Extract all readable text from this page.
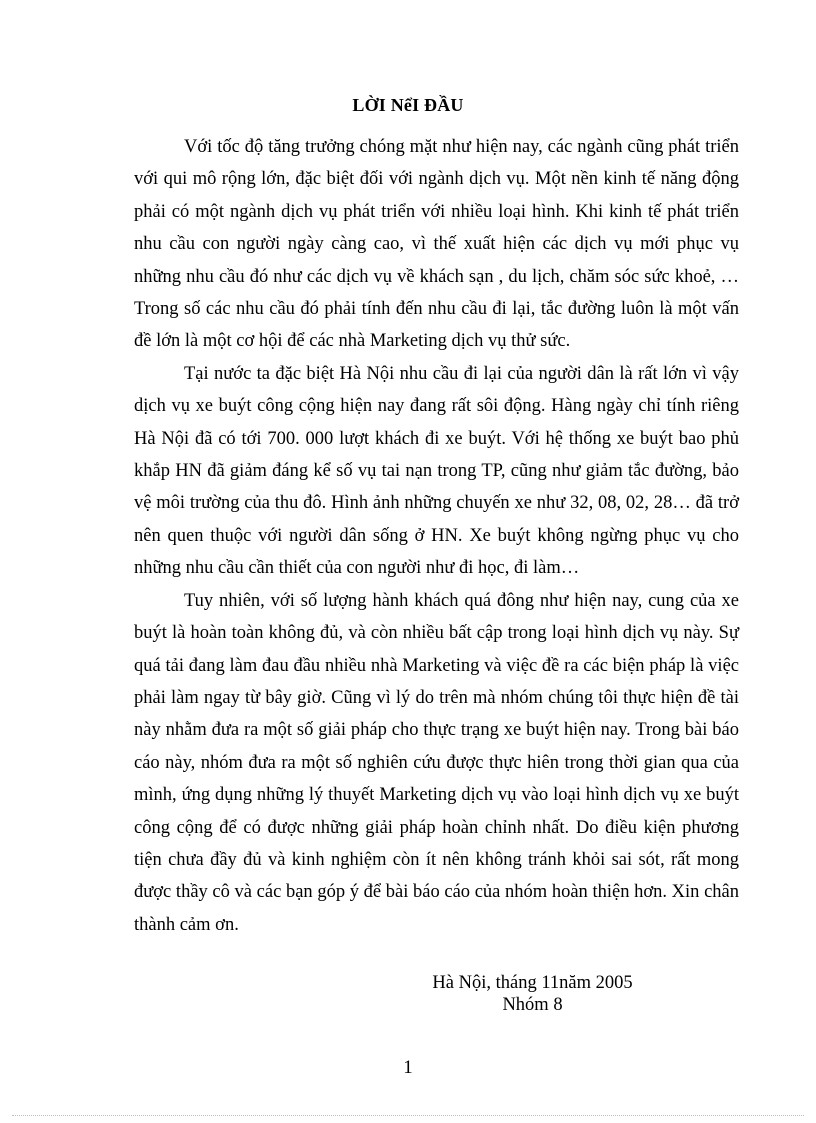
LỜI NểI ĐẦU

Với tốc độ tăng trưởng chóng mặt như hiện nay, các ngành cũng phát triển với qui mô rộng lớn, đặc biệt đối với ngành dịch vụ. Một nền kinh tế năng động phải có một ngành dịch vụ phát triển với nhiều loại hình. Khi kinh tế phát triển nhu cầu con người ngày càng cao, vì thế xuất hiện các dịch vụ mới phục vụ những nhu cầu đó như các dịch vụ về khách sạn , du lịch, chăm sóc sức khoẻ, …Trong số các nhu cầu đó phải tính đến nhu cầu đi lại, tắc đường luôn là một vấn đề lớn là một cơ hội để các nhà Marketing dịch vụ thử sức.

Tại nước ta đặc biệt Hà Nội nhu cầu đi lại của người dân là rất lớn vì vậy dịch vụ xe buýt công cộng hiện nay đang rất sôi động. Hàng ngày chỉ tính riêng Hà Nội đã có tới 700. 000 lượt khách đi xe buýt. Với hệ thống xe buýt bao phủ khắp HN đã giảm đáng kể số vụ tai nạn trong TP, cũng như giảm tắc đường, bảo vệ môi trường của thu đô. Hình ảnh những chuyến xe như 32, 08, 02, 28… đã trở nên quen thuộc với người dân sống ở HN. Xe buýt không ngừng phục vụ cho những nhu cầu cần thiết của con người như đi học, đi làm…

Tuy nhiên, với số lượng hành khách quá đông như hiện nay, cung của xe buýt là hoàn toàn không đủ, và còn nhiều bất cập trong loại hình dịch vụ này. Sự quá tải đang làm đau đầu nhiều nhà Marketing và việc đề ra các biện pháp là việc phải làm ngay từ bây giờ. Cũng vì lý do trên mà nhóm chúng tôi thực hiện đề tài này nhằm đưa ra một số giải pháp cho thực trạng xe buýt hiện nay. Trong bài báo cáo này, nhóm đưa ra một số nghiên cứu được thực hiên trong thời gian qua của mình, ứng dụng những lý thuyết Marketing dịch vụ vào loại hình dịch vụ xe buýt công cộng để có được những giải pháp hoàn chỉnh nhất. Do điều kiện phương tiện chưa đầy đủ và kinh nghiệm còn ít nên không tránh khỏi sai sót, rất mong được thầy cô và các bạn góp ý để bài báo cáo của nhóm hoàn thiện hơn. Xin chân thành cảm ơn.

Hà Nội, tháng 11năm 2005
Nhóm 8
1
